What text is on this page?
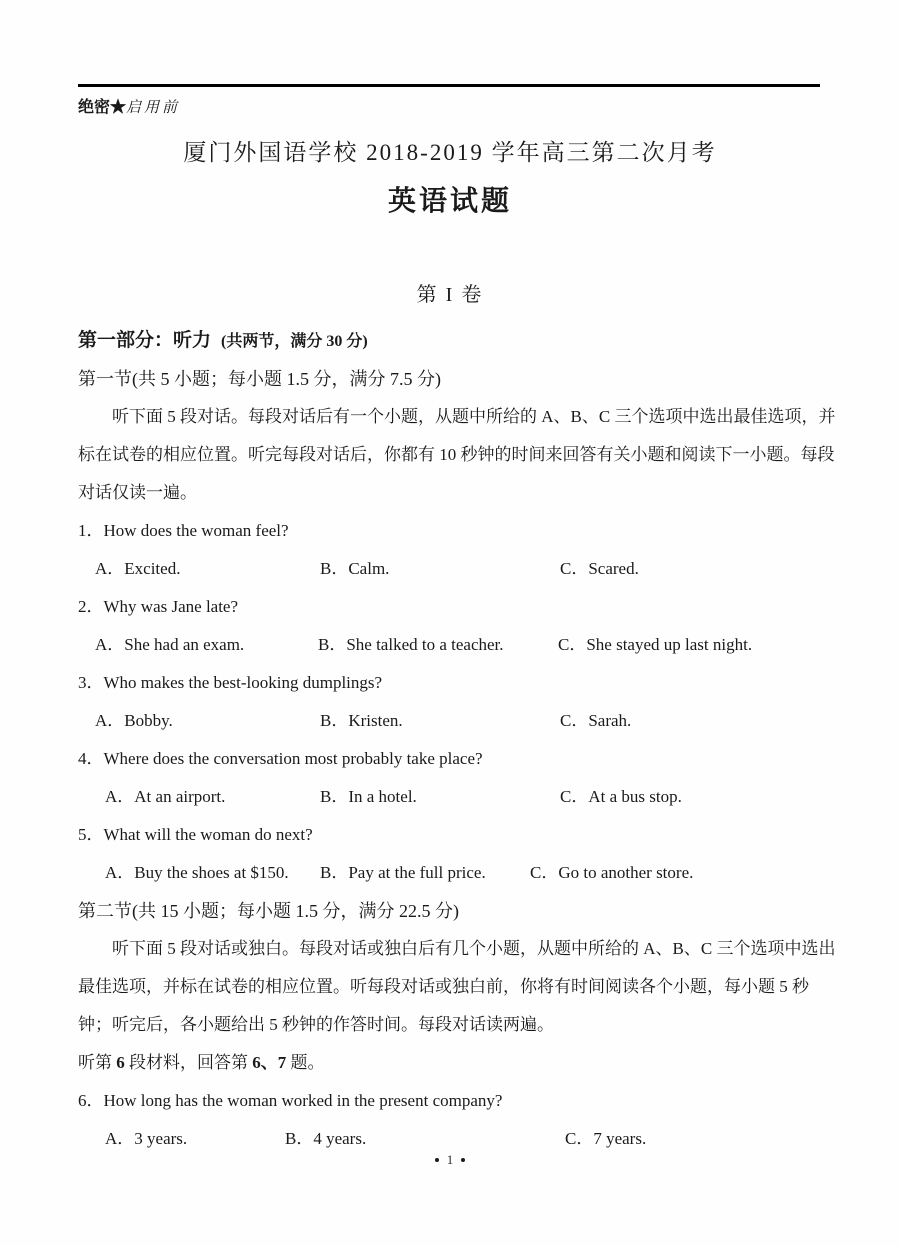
绝密★启用前
厦门外国语学校 2018-2019 学年高三第二次月考
英语试题
第 I 卷
第一部分：听力 (共两节，满分 30 分)
第一节(共 5 小题；每小题 1.5 分，满分 7.5 分)

听下面 5 段对话。每段对话后有一个小题，从题中所给的 A、B、C 三个选项中选出最佳选项，并标在试卷的相应位置。听完每段对话后，你都有 10 秒钟的时间来回答有关小题和阅读下一小题。每段对话仅读一遍。

1．How does the woman feel?
A．Excited.	B．Calm.	C．Scared.
2．Why was Jane late?
A．She had an exam.	B．She talked to a teacher.	C．She stayed up last night.
3．Who makes the best-looking dumplings?
A．Bobby.	B．Kristen.	C．Sarah.
4．Where does the conversation most probably take place?
A．At an airport.	B．In a hotel.	C．At a bus stop.
5．What will the woman do next?
A．Buy the shoes at $150. B．Pay at the full price.	C．Go to another store.
第二节(共 15 小题；每小题 1.5 分，满分 22.5 分)

听下面 5 段对话或独白。每段对话或独白后有几个小题，从题中所给的 A、B、C 三个选项中选出最佳选项，并标在试卷的相应位置。听每段对话或独白前，你将有时间阅读各个小题，每小题 5 秒钟；听完后，各小题给出 5 秒钟的作答时间。每段对话读两遍。

听第 6 段材料，回答第 6、7 题。
6．How long has the woman worked in the present company?
A．3 years.	B．4 years.	C．7 years.
1
